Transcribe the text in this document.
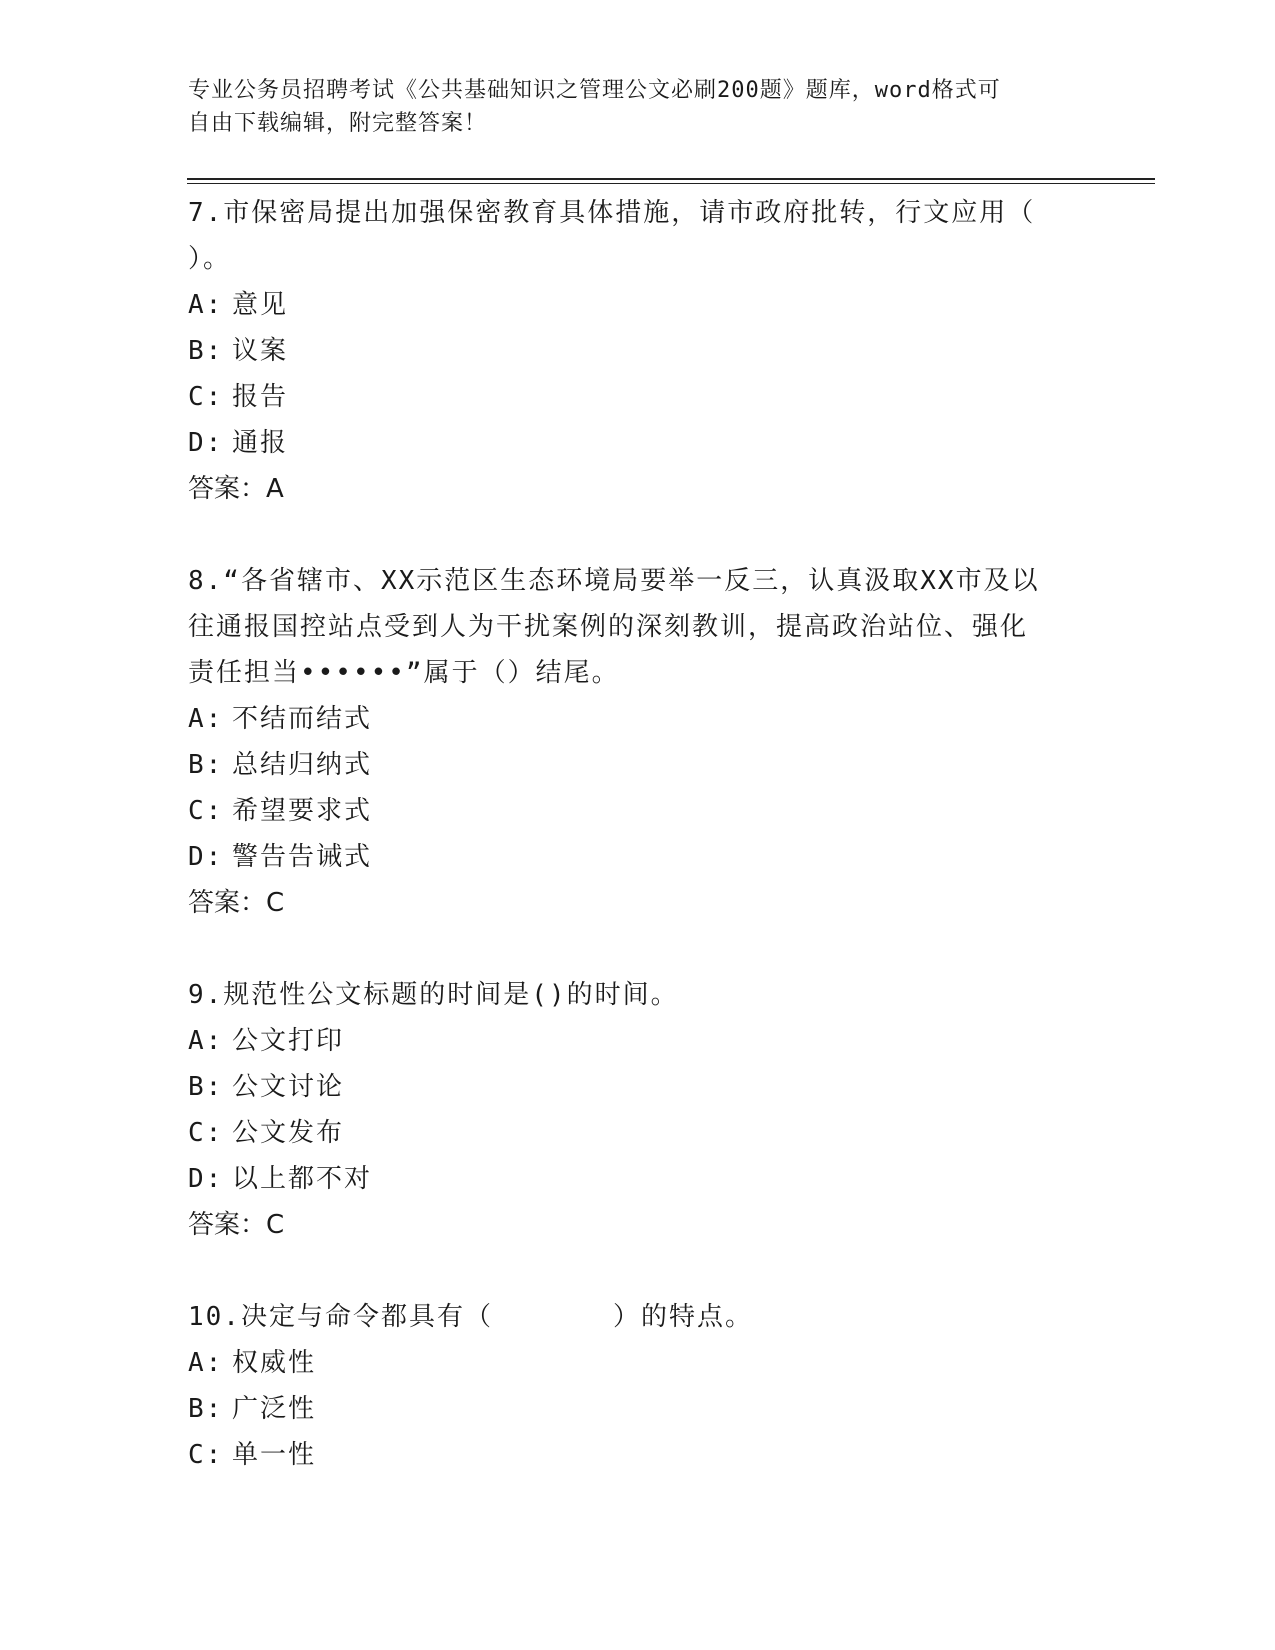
专业公务员招聘考试《公共基础知识之管理公文必刷200题》题库，word格式可
自由下载编辑，附完整答案！
7.市保密局提出加强保密教育具体措施，请市政府批转，行文应用（
）。
A: 意见
B: 议案
C: 报告
D: 通报
答案：A
8.“各省辖市、XX示范区生态环境局要举一反三，认真汲取XX市及以
往通报国控站点受到人为干扰案例的深刻教训，提高政治站位、强化
责任担当••••••”属于（）结尾。
A: 不结而结式
B: 总结归纳式
C: 希望要求式
D: 警告告诫式
答案：C
9.规范性公文标题的时间是()的时间。
A: 公文打印
B: 公文讨论
C: 公文发布
D: 以上都不对
答案：C
10.决定与命令都具有（	）的特点。
A: 权威性
B: 广泛性
C: 单一性
